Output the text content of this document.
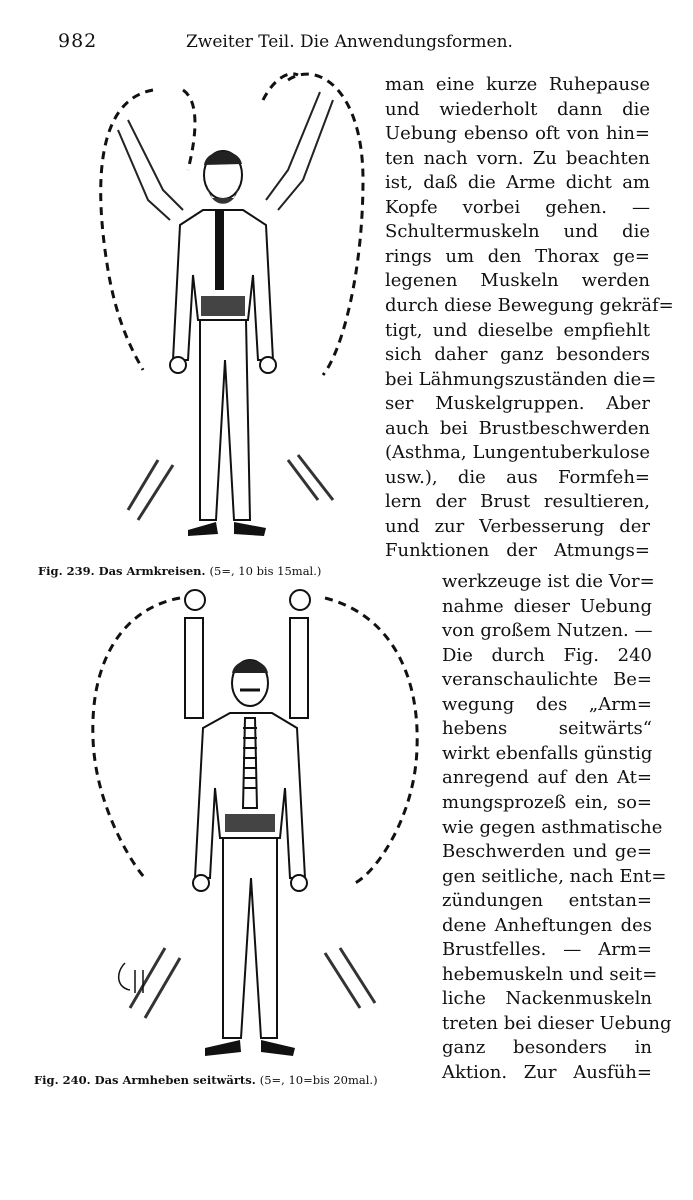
982	Zweiter Teil. Die Anwendungsformen.
Fig. 239. Das Armkreisen. (5=, 10 bis 15mal.)
Fig. 240. Das Armheben seitwärts. (5=, 10=bis 20mal.)
man eine kurze Ruhepause
und wiederholt dann die
Uebung ebenso oft von hin=
ten nach vorn. Zu beachten
ist, daß die Arme dicht am
Kopfe vorbei gehen. —
Schultermuskeln und die
rings um den Thorax ge=
legenen Muskeln werden
durch diese Bewegung gekräf=
tigt, und dieselbe empfiehlt
sich daher ganz besonders
bei Lähmungszuständen die=
ser Muskelgruppen. Aber
auch bei Brustbeschwerden
(Asthma, Lungentuberkulose
usw.), die aus Formfeh=
lern der Brust resultieren,
und zur Verbesserung der
Funktionen der Atmungs=
werkzeuge ist die Vor=
nahme dieser Uebung
von großem Nutzen. —
Die durch Fig. 240
veranschaulichte Be=
wegung des „Arm=
hebens seitwärts“
wirkt ebenfalls günstig
anregend auf den At=
mungsprozeß ein, so=
wie gegen asthmatische
Beschwerden und ge=
gen seitliche, nach Ent=
zündungen entstan=
dene Anheftungen des
Brustfelles. — Arm=
hebemuskeln und seit=
liche Nackenmuskeln
treten bei dieser Uebung
ganz besonders in
Aktion. Zur Ausfüh=
